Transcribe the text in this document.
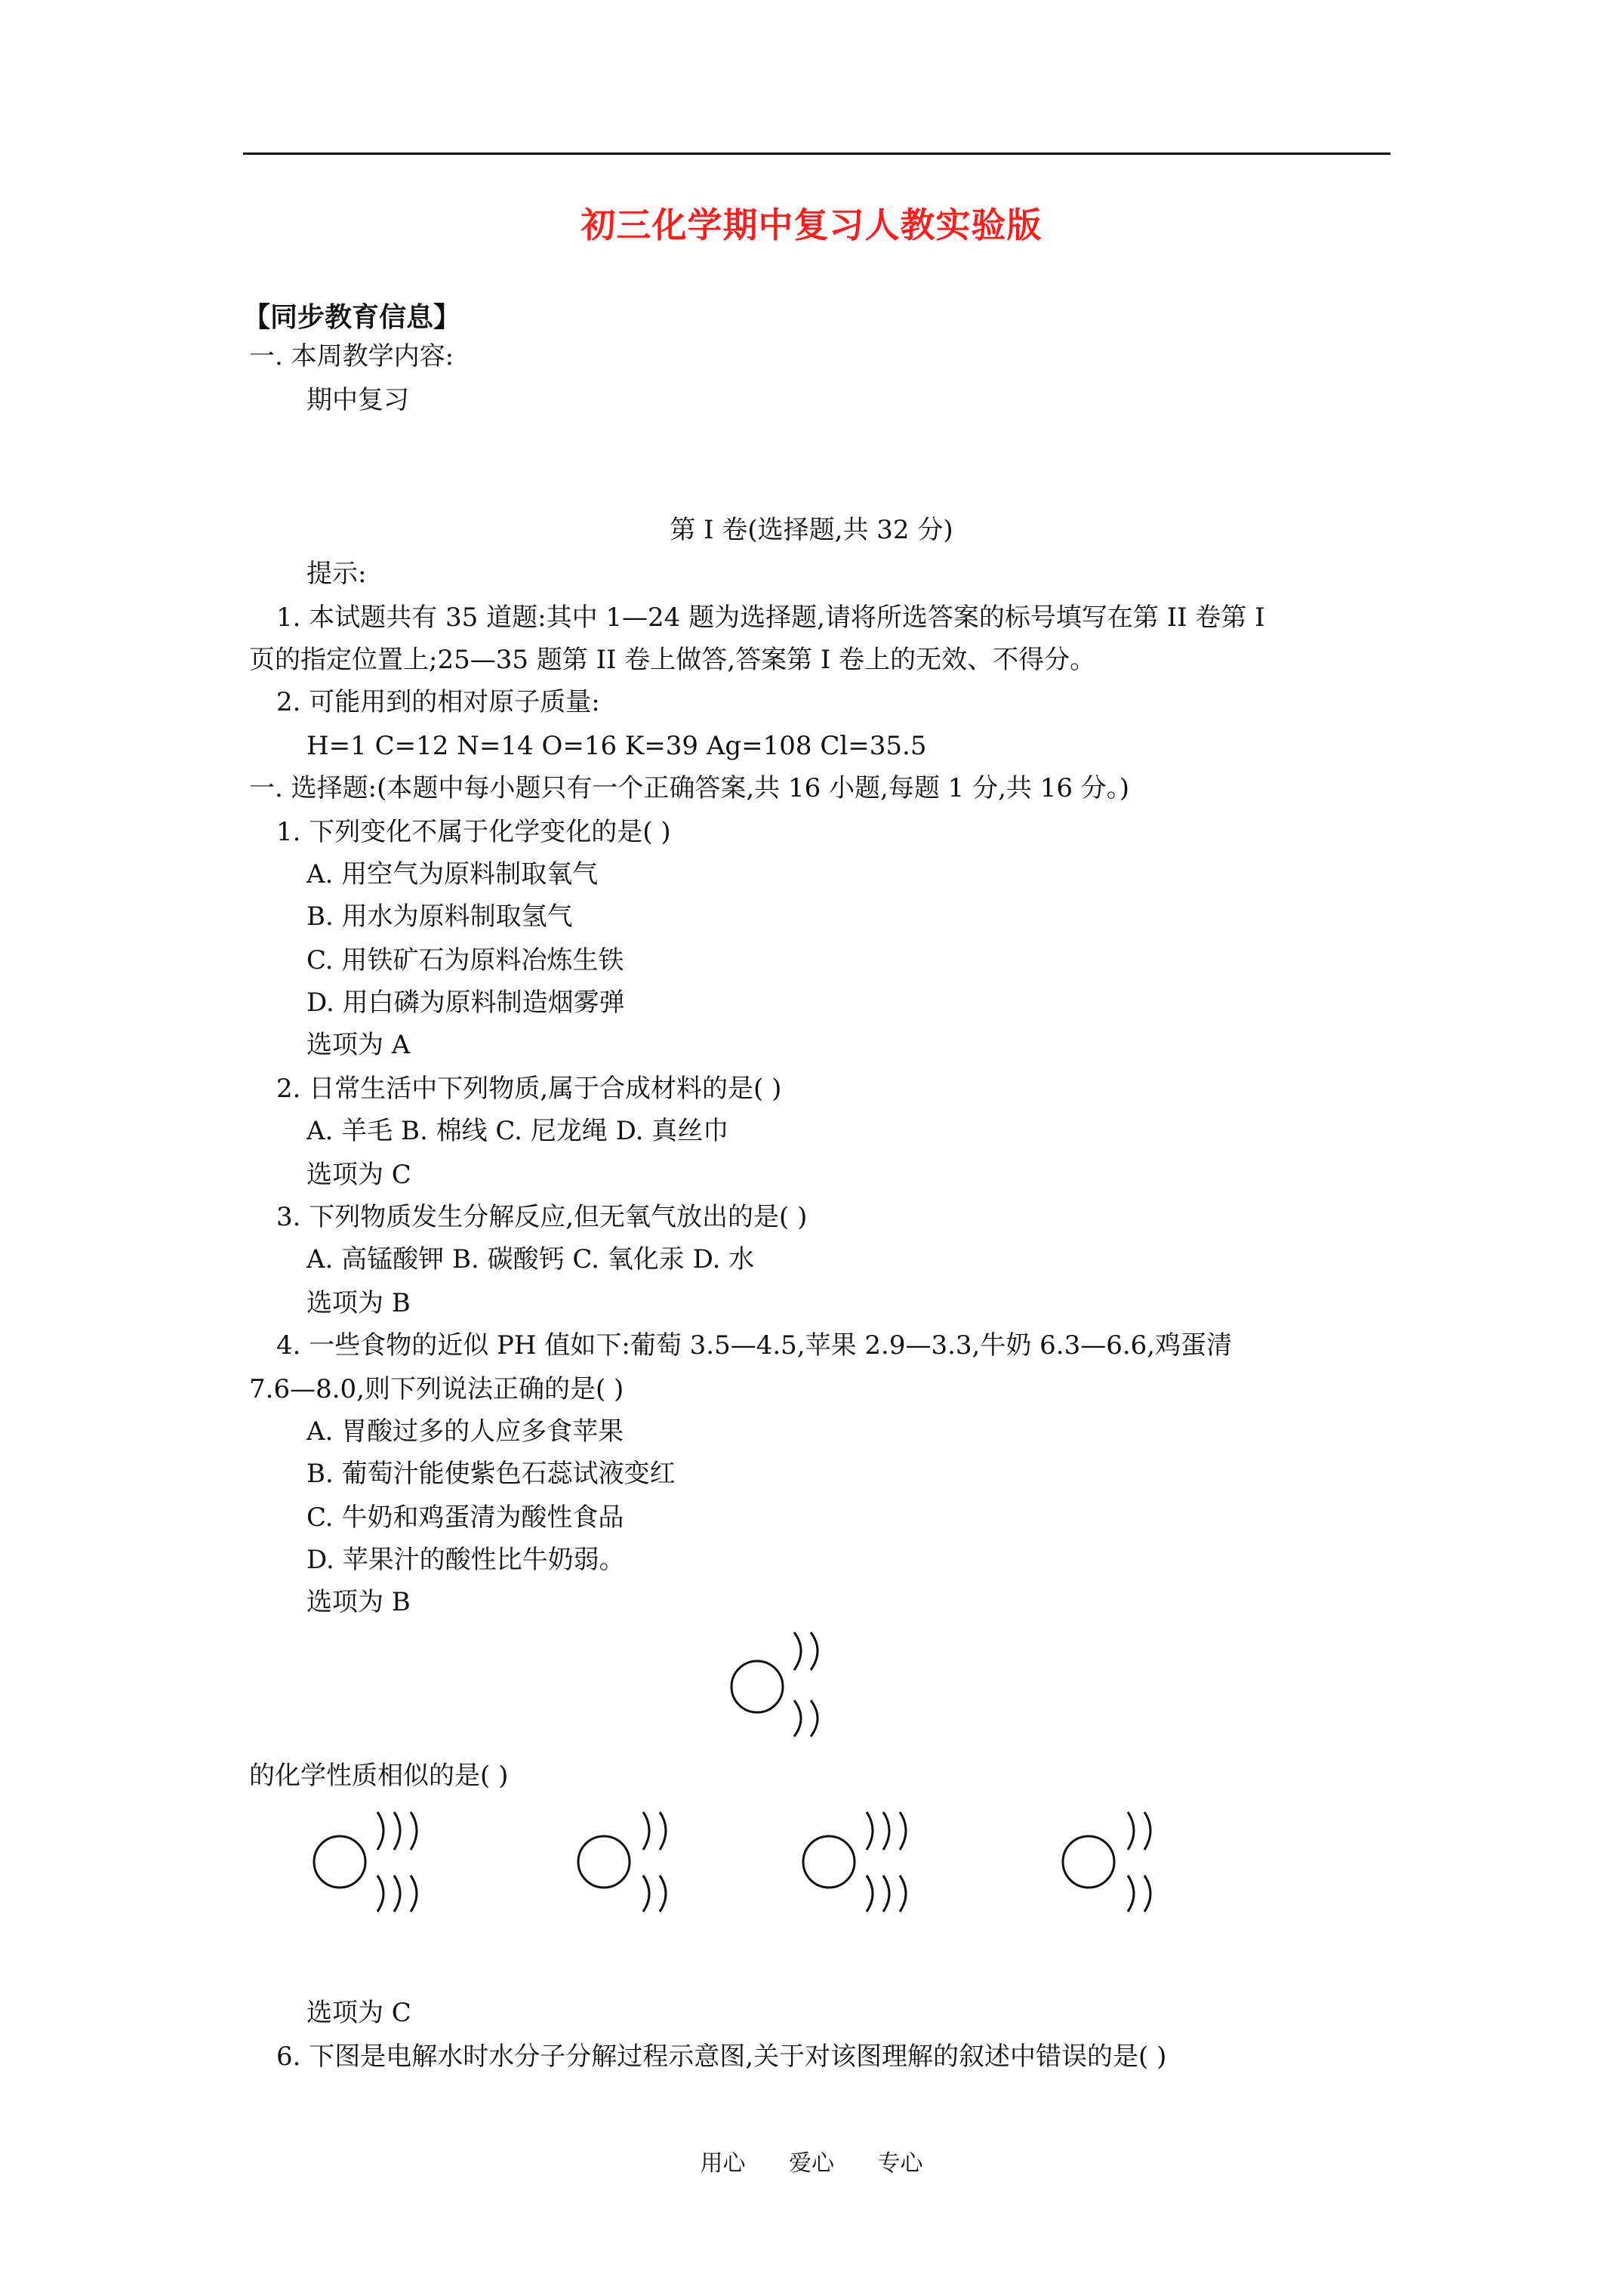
初三化学期中复习人教实验版
【同步教育信息】
一. 本周教学内容:
期中复习
第 I 卷(选择题,共 32 分)
提示:
1. 本试题共有 35 道题:其中 1—24 题为选择题,请将所选答案的标号填写在第 II 卷第 I
页的指定位置上;25—35 题第 II 卷上做答,答案第 I 卷上的无效、不得分。
2. 可能用到的相对原子质量:
H=1 C=12 N=14 O=16 K=39 Ag=108 Cl=35.5
一. 选择题:(本题中每小题只有一个正确答案,共 16 小题,每题 1 分,共 16 分。)
1. 下列变化不属于化学变化的是( )
A. 用空气为原料制取氧气
B. 用水为原料制取氢气
C. 用铁矿石为原料冶炼生铁
D. 用白磷为原料制造烟雾弹
选项为 A
2. 日常生活中下列物质,属于合成材料的是( )
A. 羊毛 B. 棉线 C. 尼龙绳 D. 真丝巾
选项为 C
3. 下列物质发生分解反应,但无氧气放出的是( )
A. 高锰酸钾 B. 碳酸钙 C. 氧化汞 D. 水
选项为 B
4. 一些食物的近似 PH 值如下:葡萄 3.5—4.5,苹果 2.9—3.3,牛奶 6.3—6.6,鸡蛋清
7.6—8.0,则下列说法正确的是( )
A. 胃酸过多的人应多食苹果
B. 葡萄汁能使紫色石蕊试液变红
C. 牛奶和鸡蛋清为酸性食品
D. 苹果汁的酸性比牛奶弱。
选项为 B
的化学性质相似的是( )
选项为 C
6. 下图是电解水时水分子分解过程示意图,关于对该图理解的叙述中错误的是( )
用心 爱心 专心
